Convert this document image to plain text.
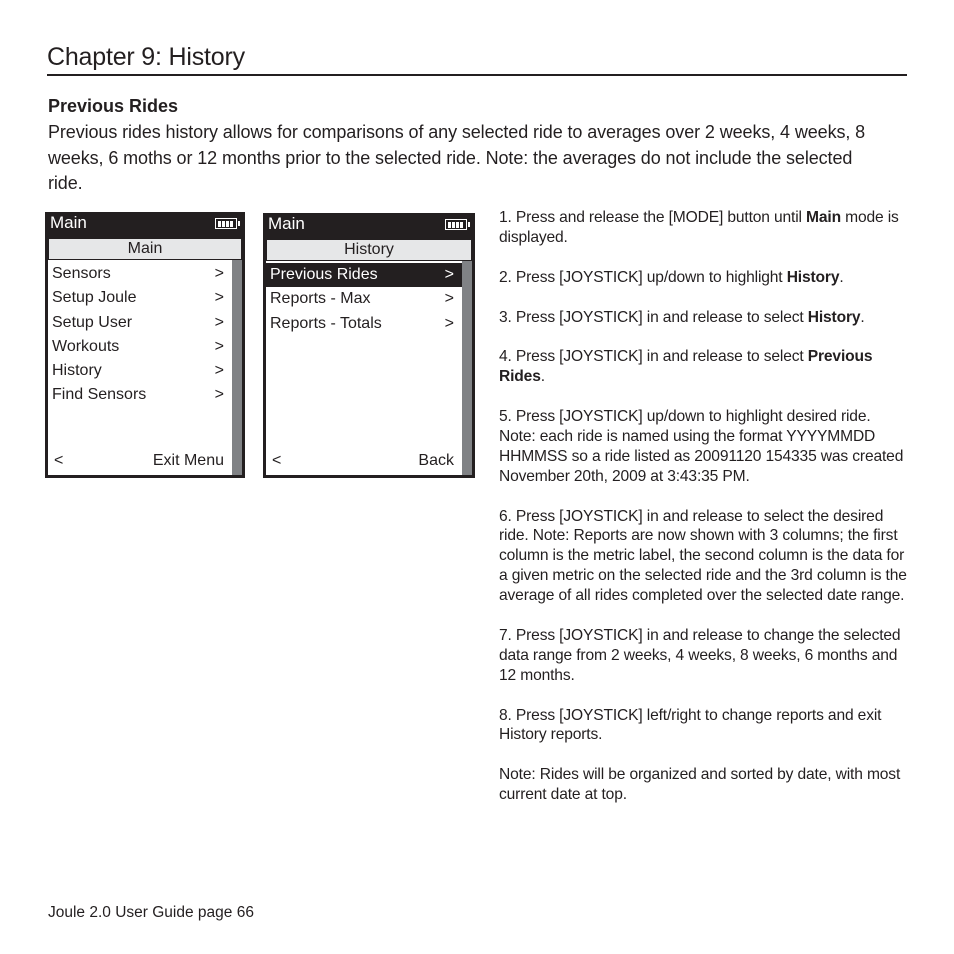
Chapter 9: History
Previous Rides
Previous rides history allows for comparisons of any selected ride to averages over 2 weeks, 4 weeks, 8 weeks, 6 moths or 12 months prior to the selected ride. Note: the averages do not include the selected ride.
Main
Main
Sensors	>
Setup Joule	>
Setup User	>
Workouts	>
History	>
Find Sensors	>
<	Exit Menu
Main
History
Previous Rides	>
Reports - Max	>
Reports - Totals	>
<	Back

1. Press and release the [MODE] button until Main mode is displayed.

2. Press [JOYSTICK] up/down to highlight History.

3. Press [JOYSTICK] in and release to select History.

4. Press [JOYSTICK] in and release to select Previous Rides.

5. Press [JOYSTICK] up/down to highlight desired ride. Note: each ride is named using the format YYYYMMDD HHMMSS so a ride listed as 20091120 154335 was created November 20th, 2009 at 3:43:35 PM.

6. Press [JOYSTICK] in and release to select the desired ride. Note: Reports are now shown with 3 columns; the first column is the metric label, the second column is the data for a given metric on the selected ride and the 3rd column is the average of all rides completed over the selected date range.

7. Press [JOYSTICK] in and release to change the selected data range from 2 weeks, 4 weeks, 8 weeks, 6 months and 12 months.

8. Press [JOYSTICK] left/right to change reports and exit History reports.

Note: Rides will be organized and sorted by date, with most current date at top.

Joule 2.0 User Guide page 66
